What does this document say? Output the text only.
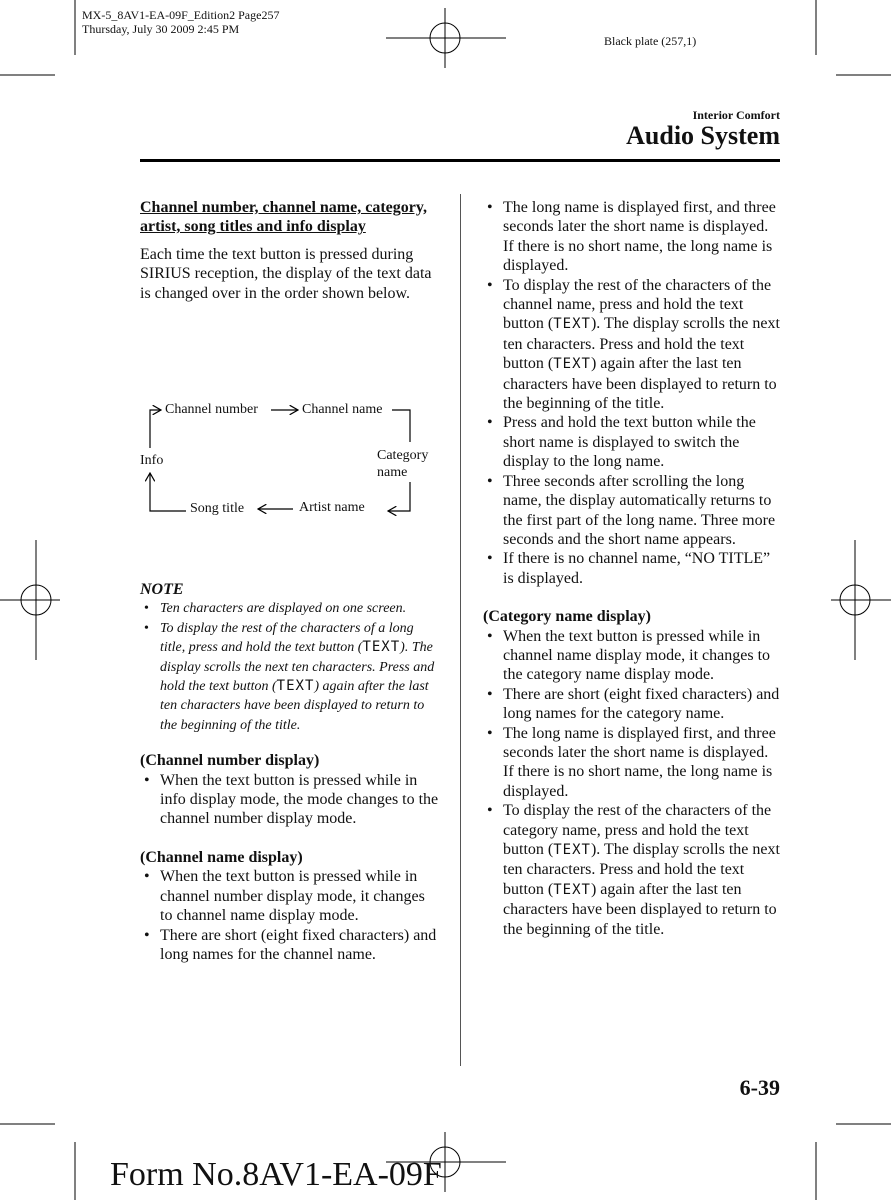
MX-5_8AV1-EA-09F_Edition2 Page257
Thursday, July 30 2009 2:45 PM
Black plate (257,1)
Interior Comfort
Audio System

Channel number, channel name, category, artist, song titles and info display

Each time the text button is pressed during SIRIUS reception, the display of the text data is changed over in the order shown below.

Channel number	Channel name
Category
name
Info
Artist name
Song title
NOTE
• Ten characters are displayed on one screen.
• To display the rest of the characters of a long title, press and hold the text button (TEXT). The display scrolls the next ten characters. Press and hold the text button (TEXT) again after the last ten characters have been displayed to return to the beginning of the title.

(Channel number display)

• When the text button is pressed while in info display mode, the mode changes to the channel number display mode.

(Channel name display)

• When the text button is pressed while in channel number display mode, it changes to channel name display mode.
• There are short (eight fixed characters) and long names for the channel name.
• The long name is displayed first, and three seconds later the short name is displayed. If there is no short name, the long name is displayed.
• To display the rest of the characters of the channel name, press and hold the text button (TEXT). The display scrolls the next ten characters. Press and hold the text button (TEXT) again after the last ten characters have been displayed to return to the beginning of the title.
• Press and hold the text button while the short name is displayed to switch the display to the long name.
• Three seconds after scrolling the long name, the display automatically returns to the first part of the long name. Three more seconds and the short name appears.
• If there is no channel name, “NO TITLE” is displayed.

(Category name display)

• When the text button is pressed while in channel name display mode, it changes to the category name display mode.
• There are short (eight fixed characters) and long names for the category name.
• The long name is displayed first, and three seconds later the short name is displayed. If there is no short name, the long name is displayed.
• To display the rest of the characters of the category name, press and hold the text button (TEXT). The display scrolls the next ten characters. Press and hold the text button (TEXT) again after the last ten characters have been displayed to return to the beginning of the title.
6-39
Form No.8AV1-EA-09F
